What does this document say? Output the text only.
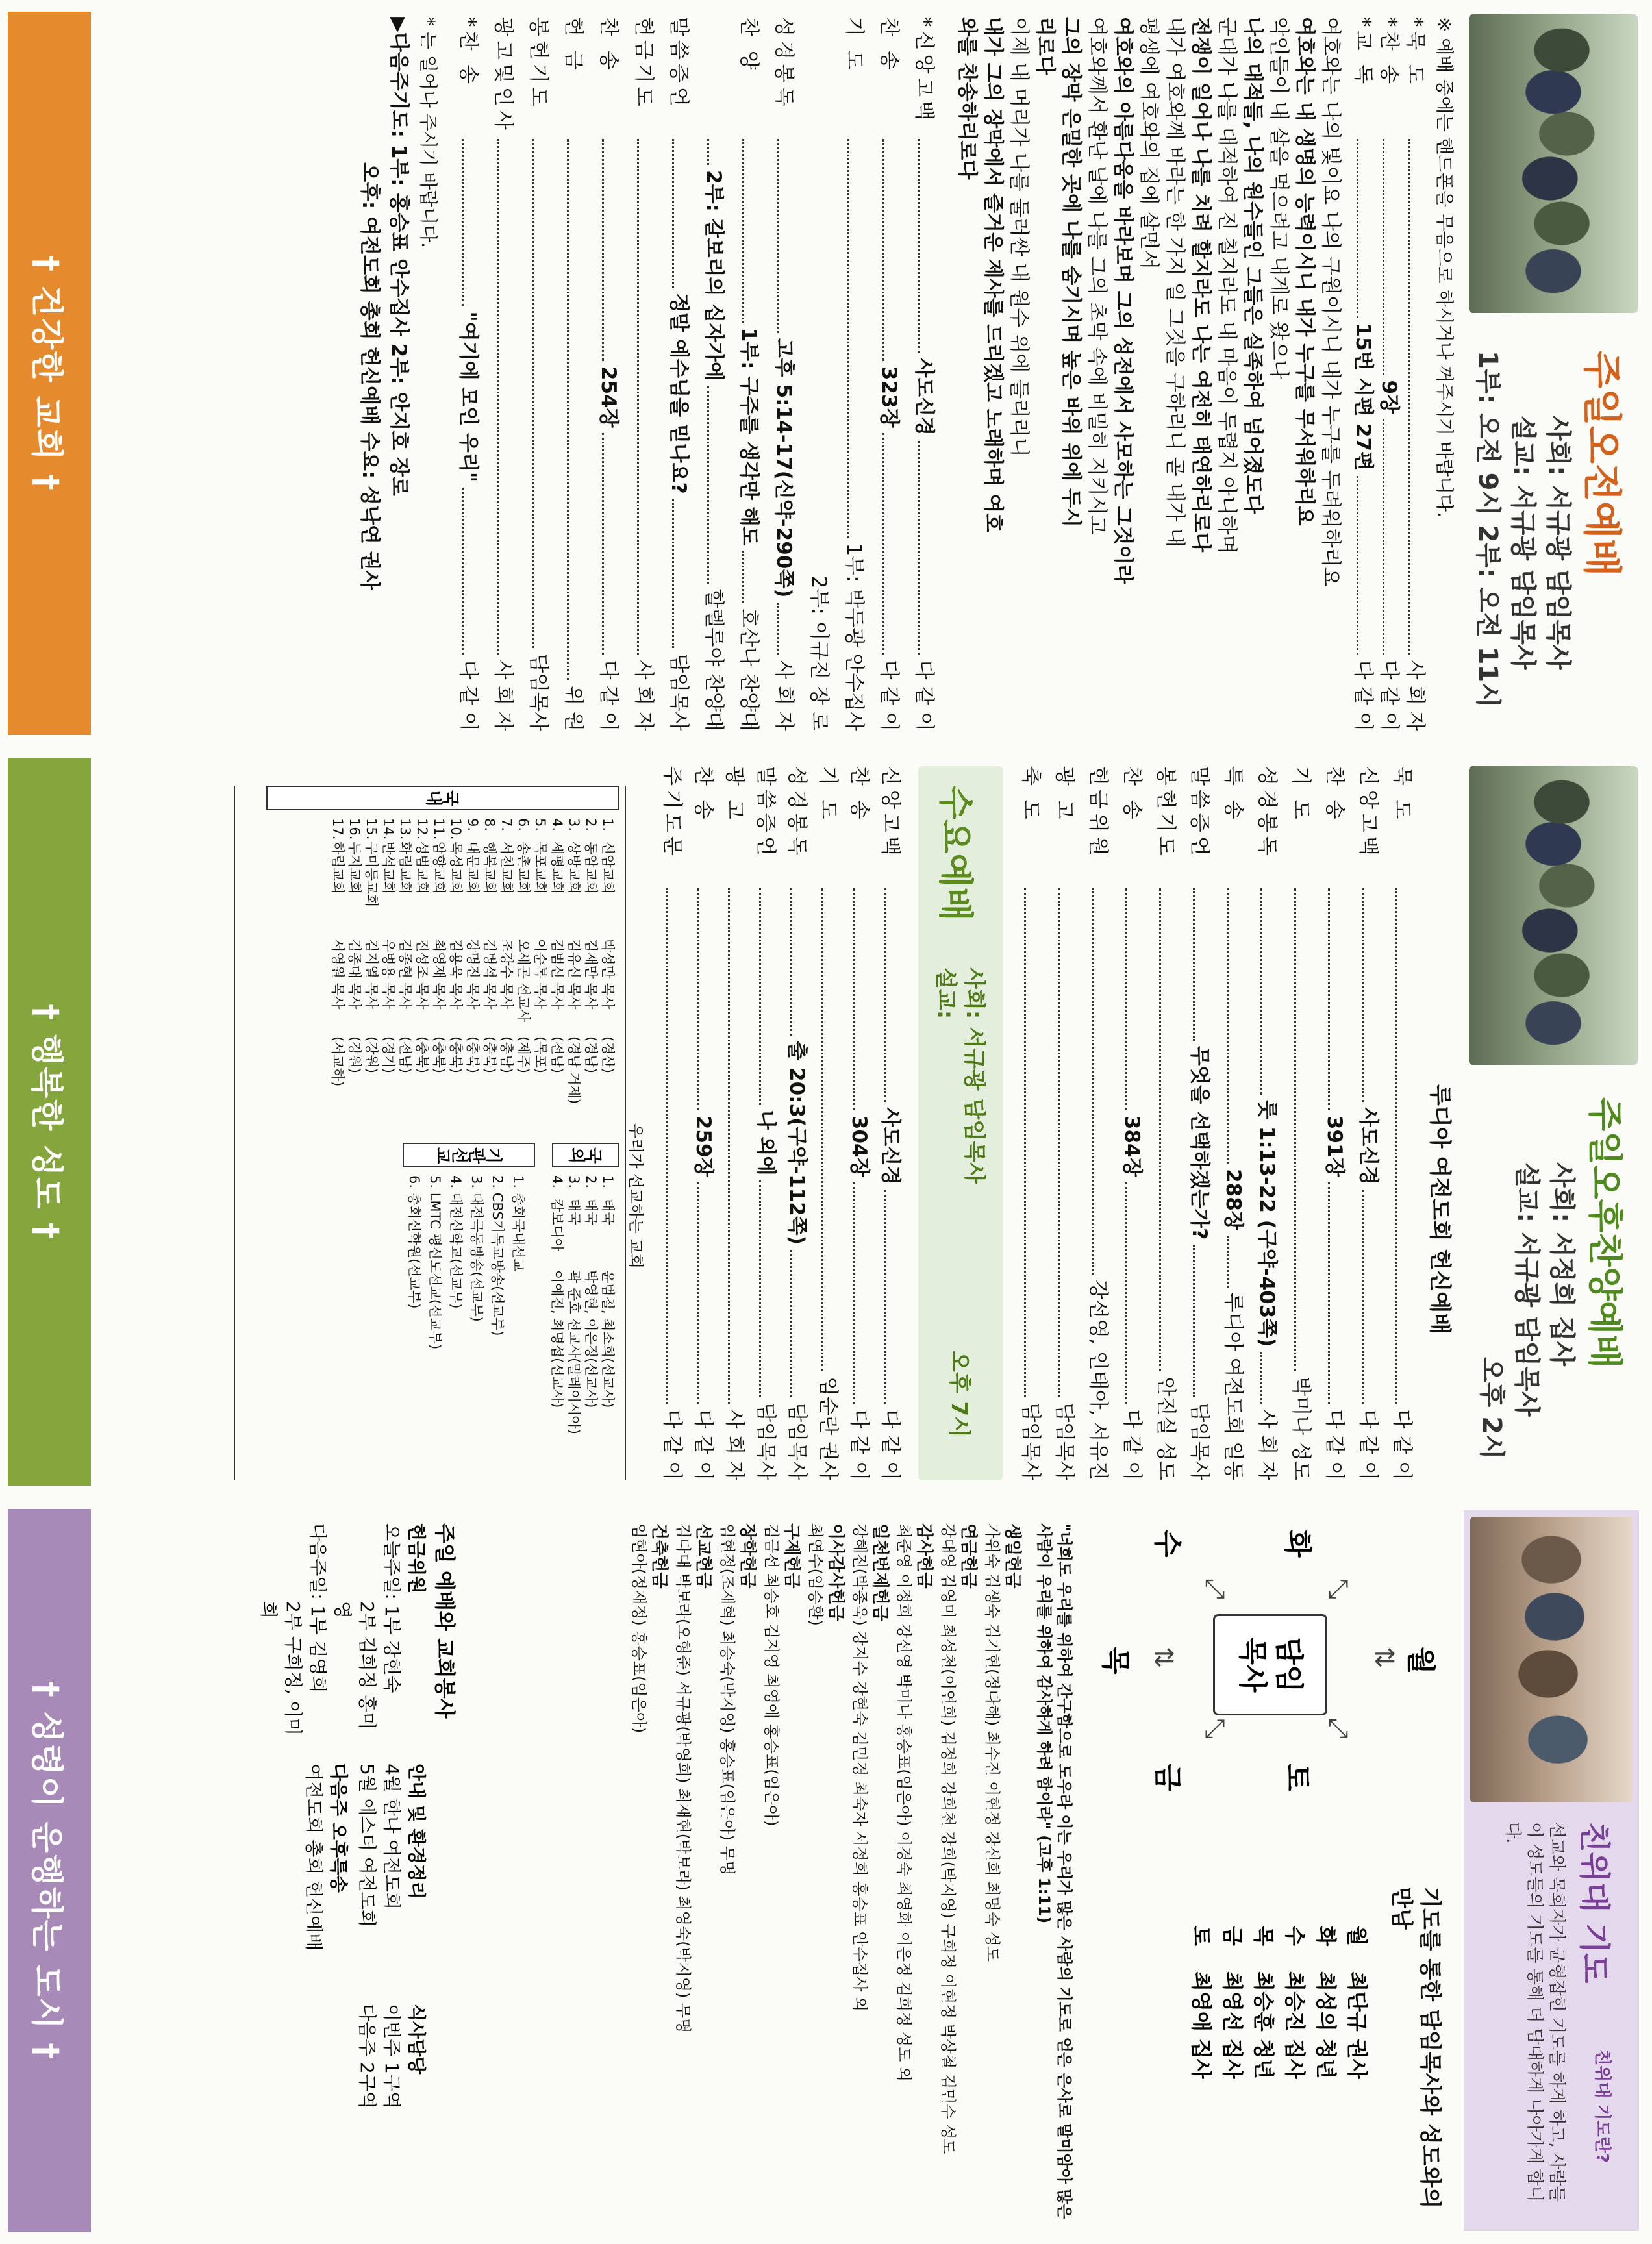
주일오전예배
사회: 서규광 담임목사
설교: 서규광 담임목사
1부: 오전 9시 2부: 오전 11시
※ 예배 중에는 핸드폰을 무음으로 하시거나 꺼주시기 바랍니다.
*묵 도
사 회 자
*찬 송
9장
다 같 이
*교 독
15번 시편 27편
다 같 이
여호와는 나의 빛이요 나의 구원이시니 내가 누구를 두려워하리요
여호와는 내 생명의 능력이시니 내가 누구를 무서워하리요
악인들이 내 살을 먹으려고 내게로 왔으나
나의 대적들, 나의 원수들인 그들은 실족하여 넘어졌도다
군대가 나를 대적하여 진 칠지라도 내 마음이 두렵지 아니하며
전쟁이 일어나 나를 치려 할지라도 나는 여전히 태연하리로다
내가 여호와께 바라는 한 가지 일 그것을 구하리니 곧 내가 내
평생에 여호와의 집에 살면서
여호와의 아름다움을 바라보며 그의 성전에서 사모하는 그것이라
여호와께서 환난 날에 나를 그의 초막 속에 비밀히 지키시고
그의 장막 은밀한 곳에 나를 숨기시며 높은 바위 위에 두시
리로다
이제 내 머리가 나를 둘러싼 내 원수 위에 들리리니
내가 그의 장막에서 즐거운 제사를 드리겠고 노래하며 여호
와를 찬송하리로다
*신앙고백
사도신경
다 같 이
찬 송
323장
다 같 이
기 도
1부: 박두광 안수집사
2부: 이규진 장 로
성경봉독
고후 5:14-17(신약-290쪽)
사 회 자
찬 양
1부: 구주를 생각만 해도
호산나 찬양대
2부: 갈보리의 십자가에
할렐루야 찬양대
말씀증언
정말 예수님을 믿나요?
담임목사
헌금기도
사 회 자
찬 송
254장
다 같 이
헌 금
위 원
봉헌기도
담임목사
광고및인사
사 회 자
*찬 송
"여기에 모인 우리"
다 같 이
* 는 일어나 주시기 바랍니다.
▶다음주기도: 1부: 홍승표 안수집사 2부: 안지호 장로
오후: 여전도회 총회 헌신예배 수요: 성낙연 권사
† 건강한 교회 †
주일오후찬양예배
사회: 서정희 집사
설교: 서규광 담임목사
오후 2시
루디아 여전도회 헌신예배
묵 도
다 같 이
신앙고백
사도신경
다 같 이
찬 송
391장
다 같 이
기 도
박미나 성도
성경봉독
룻 1:13-22 (구약-403쪽)
사 회 자
특 송
288장
루디아 여전도회 일동
말씀증언
무엇을 선택하겠는가?
담임목사
봉헌기도
안진실 성도
찬 송
384장
다 같 이
헌금위원
강선영, 인태아, 서유진
광 고
담임목사
축 도
담임목사
수요예배
사회: 서규광 담임목사
설교:
오후 7시
신앙고백
사도신경
다 같 이
찬 송
304장
다 같 이
기 도
임순란 권사
성경봉독
출 20:3(구약-112쪽)
담임목사
말씀증언
나 외에
담임목사
광 고
사 회 자
찬 송
259장
다 같 이
주기도문
다 같 이
우리가 선교하는 교회
국내
1.
신암교회
박성만 목사
(경산)
2.
동암교회
김재만 목사
(경남)
3.
상방교회
김유신 목사
(경남 거제)
4.
세평교회
김범신 목사
(전남)
5.
목포교회
이순복 목사
(목포)
6.
송촌교회
오세곤 선교사
(제주)
7.
서천교회
조강수 목사
(충남)
8.
행복교회
김병석 목사
(충북)
9.
대문교회
강명진 목사
(충북)
10.
목성교회
김용욱 목사
(충북)
11.
암향교회
최영재 목사
(충북)
12.
성범교회
진성조 목사
(충북)
13.
화림교회
김종현 목사
(전남)
14.
반석교회
우병용 목사
(경기)
15.
구미등교회
김지열 목사
(강원)
16.
두지교회
김종대 목사
(강원)
17.
하림교회
서영원 목사
(서교하)
국외
1.
태국
윤범철, 최소희(선교사)
2.
태국
박영현, 이은정(선교사)
3.
태국
곽 준호 선교사(말레이시아)
4.
캄보디아
이예진, 최명섭(선교사)
기관선교
1. 총회국내선교
2. CBS기독교방송(선교부)
3. 대전극동방송(선교부)
4. 대전신학교(선교부)
5. LMTC 평신도선교(선교부)
6. 총회신학원(선교부)
† 행복한 성도 †
친위대 기도
친위대 기도란?
선교와 목회자가 균형잡힌 기도를 하게 하고, 사람들이 성도들의 기도를 통해 더 담대하게 나아가게 합니다.
월
⇅
화
⤡
수
⤢
목 ⇅
금
⤡
토
⤢
담임
목사
기도를 통한 담임목사와 성도와의 만남
월
최단규 권사
화
최성의 청년
수
최승진 집사
목
최승훈 청년
금
최영선 집사
토
최영애 집사
"너희도 우리를 위하여 간구함으로 도우라 이는 우리가 많은 사람의 기도로 얻은 은사로 말미암아 많은 사람이 우리를 위하여 감사하게 하려 함이라" (고후 1:11)
생일헌금
가위숙 김생숙 김기현(정다해) 최수진 이현정 강선희 최명숙 성도
연금헌금
강대영 김영미 최성천(이연희) 김정희 강희천 강희(박지영) 구희정 이현정 박상철 김민수 성도
감사헌금
최준영 이정희 강선영 박미나 홍승표(임은아) 이경숙 최영화 이은정 김희정 성도 외
일천번제헌금
강혜진(박종욱) 강지수 강현숙 김민경 최숙자 서정희 홍승표 안수집사 외
이사감사헌금
최연수(임승환)
구제헌금
김금선 최승호 김지영 최영애 홍승표(임은아)
장학헌금
임현정(조재혁) 최승숙(박지영) 홍승표(임은아) 무명
선교헌금
김다대 박보라(오형준) 서규광(박영희) 최재현(박보라) 최영숙(박지영) 무명
건축헌금
임현아(정재정) 홍승표(임은아)
주일 예배와 교회봉사
헌금위원
오늘주일: 1부 강현숙
2부 김희정 홍미영
다음주일: 1부 김영희
2부 구희정, 이미희
안내 및 환경정리
4월 한나 여전도회
5월 에스더 여전도회
다음주 오후특송
여전도회 총회 헌신예배
식사담당
이번주 1구역
다음주 2구역
† 성령이 운행하는 도시 †
